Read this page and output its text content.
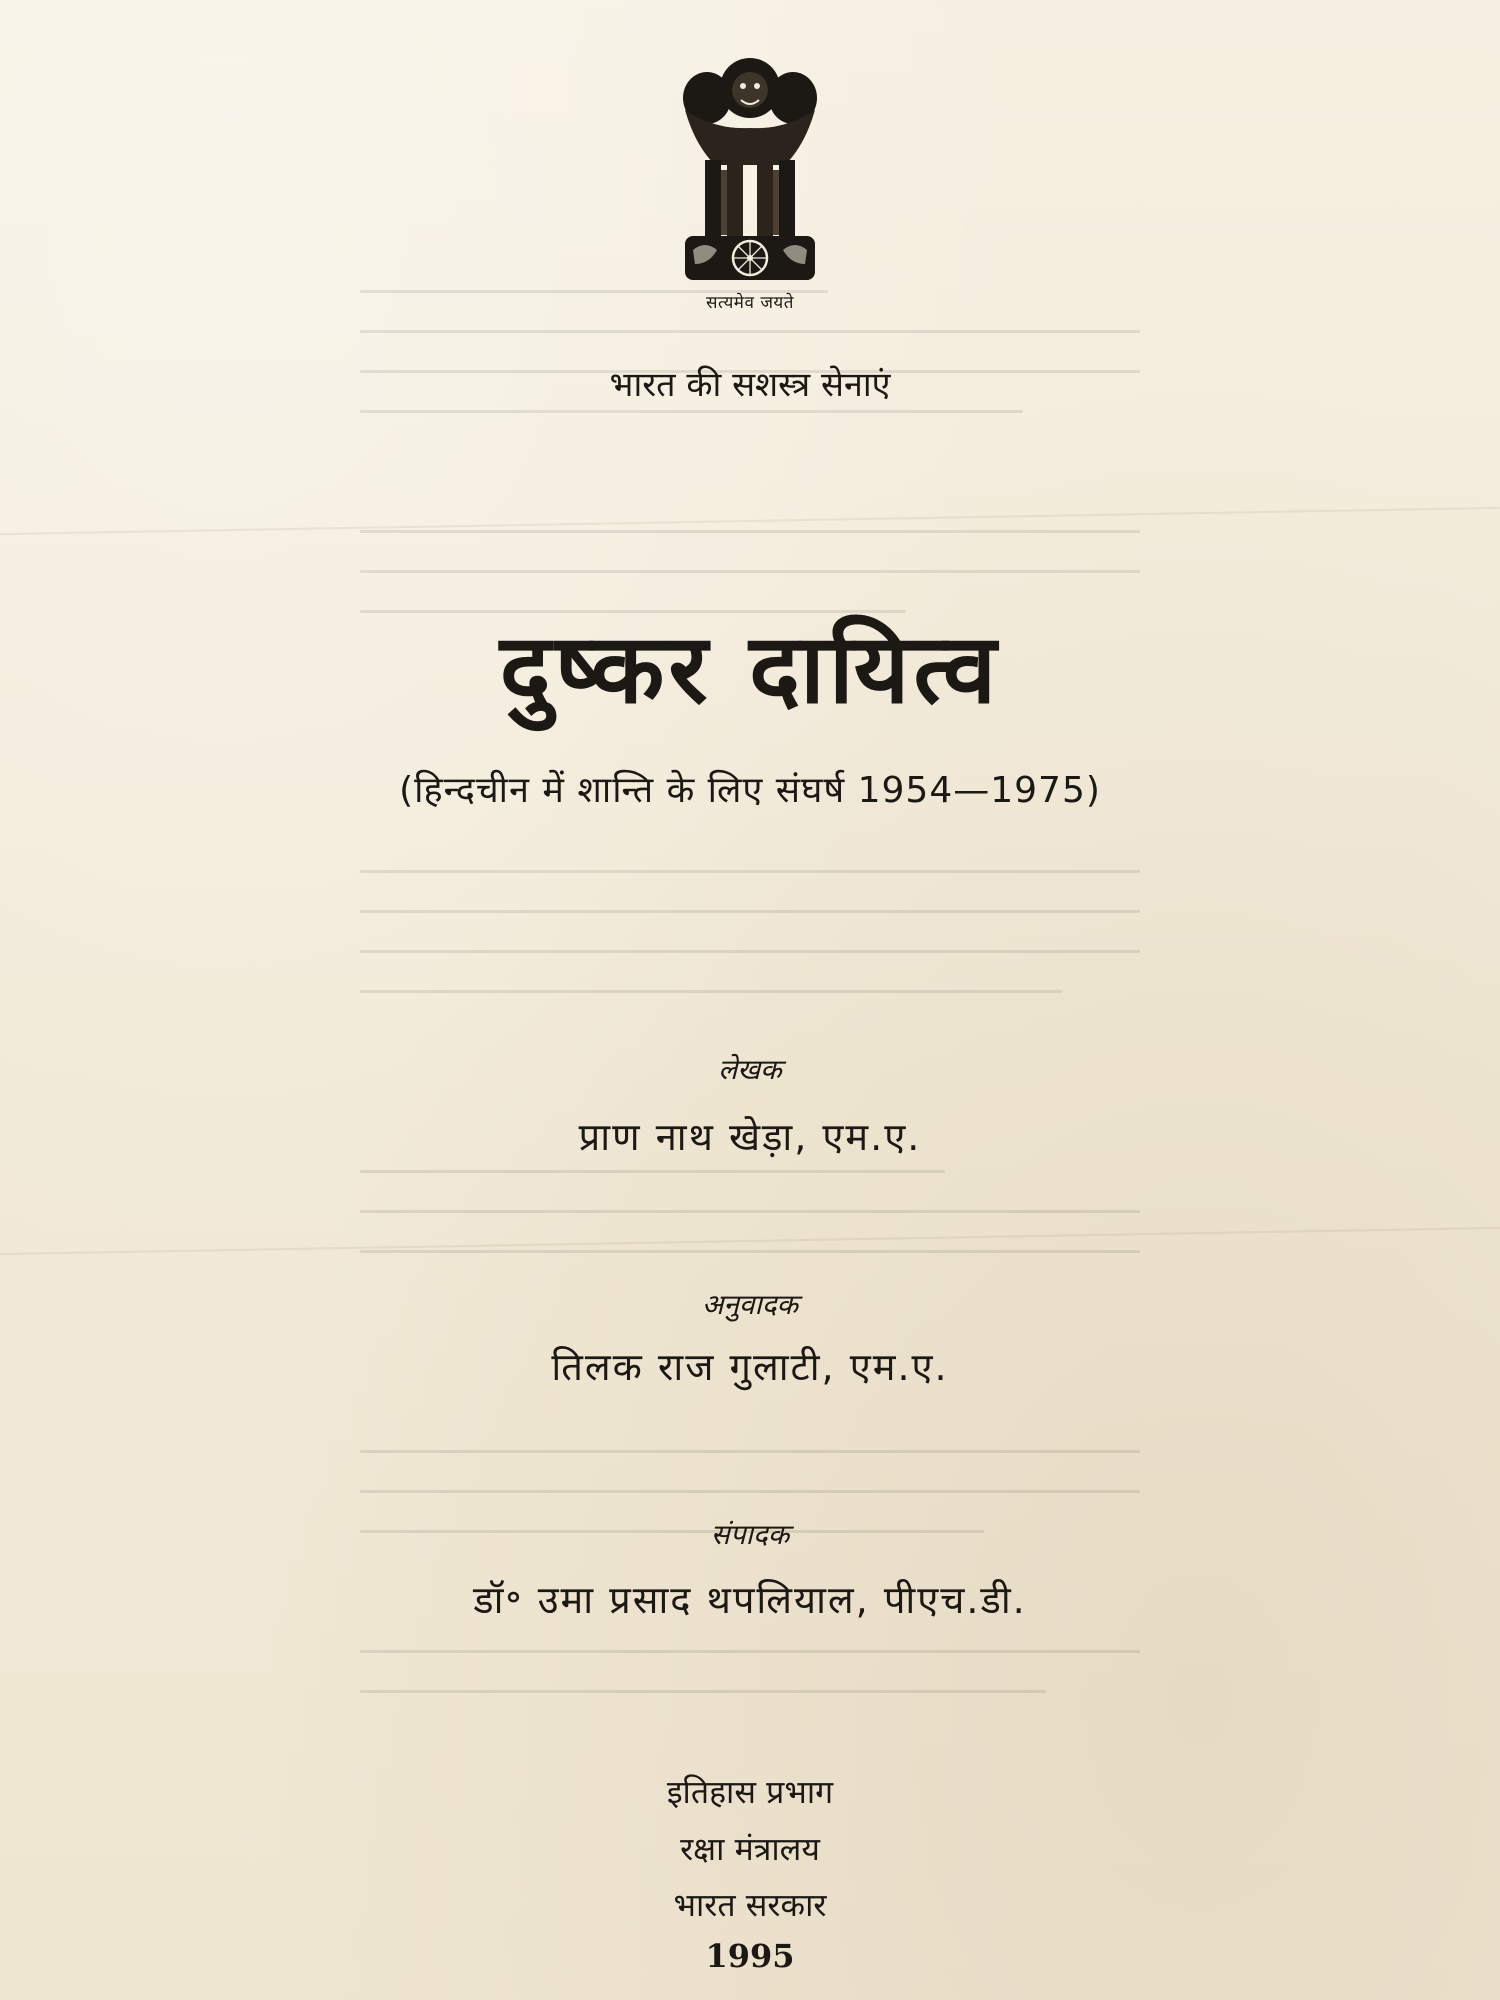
सत्यमेव जयते
भारत की सशस्त्र सेनाएं
दुष्कर दायित्व
(हिन्दचीन में शान्ति के लिए संघर्ष 1954—1975)
लेखक
प्राण नाथ खेड़ा, एम.ए.
अनुवादक
तिलक राज गुलाटी, एम.ए.
संपादक
डॉ॰ उमा प्रसाद थपलियाल, पीएच.डी.
इतिहास प्रभाग
रक्षा मंत्रालय
भारत सरकार
1995
